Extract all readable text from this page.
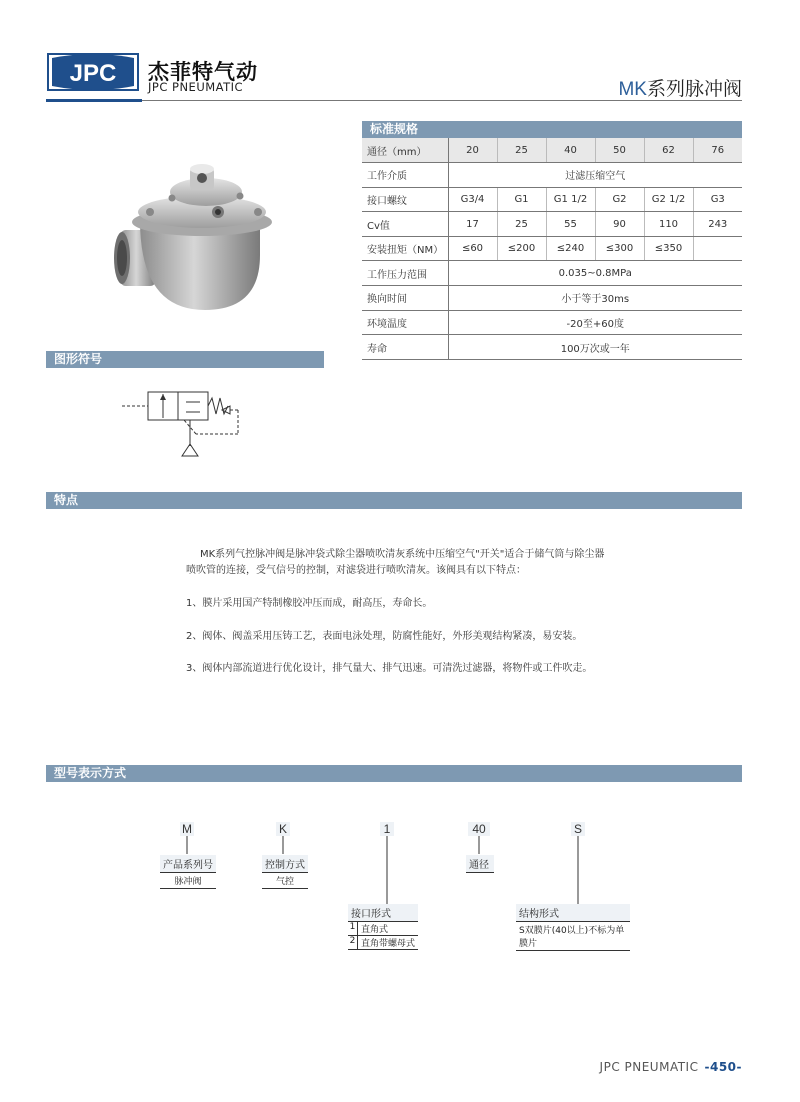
JPC 杰菲特气动
JPC PNEUMATIC	MK系列脉冲阀
标准规格
通径（mm）	20	25	40	50	62	76
工作介质	过滤压缩空气					
接口螺纹	G3/4	G1	G1 1/2	G2	G2 1/2	G3
Cv值	17	25	55	90	110	243
安装扭矩（NM）	≤60	≤200	≤240	≤300	≤350	
工作压力范围	0.035~0.8MPa					
换向时间	小于等于30ms					
环境温度	-20至+60度					
寿命	100万次或一年					
图形符号
特点
MK系列气控脉冲阀是脉冲袋式除尘器喷吹清灰系统中压缩空气"开关"适合于储气筒与除尘器
喷吹管的连接，受气信号的控制，对滤袋进行喷吹清灰。该阀具有以下特点：
1、膜片采用国产特制橡胶冲压而成，耐高压，寿命长。
2、阀体、阀盖采用压铸工艺，表面电泳处理，防腐性能好，外形美观结构紧凑，易安装。
3、阀体内部流道进行优化设计，排气量大、排气迅速。可清洗过滤器，将物件或工件吹走。
型号表示方式
M	K	1	40	S
产品系列号
脉冲阀
控制方式
气控
通径
接口形式
1 直角式
2 直角带螺母式
结构形式
S双膜片(40以上)不标为单膜片
JPC PNEUMATIC -450-
